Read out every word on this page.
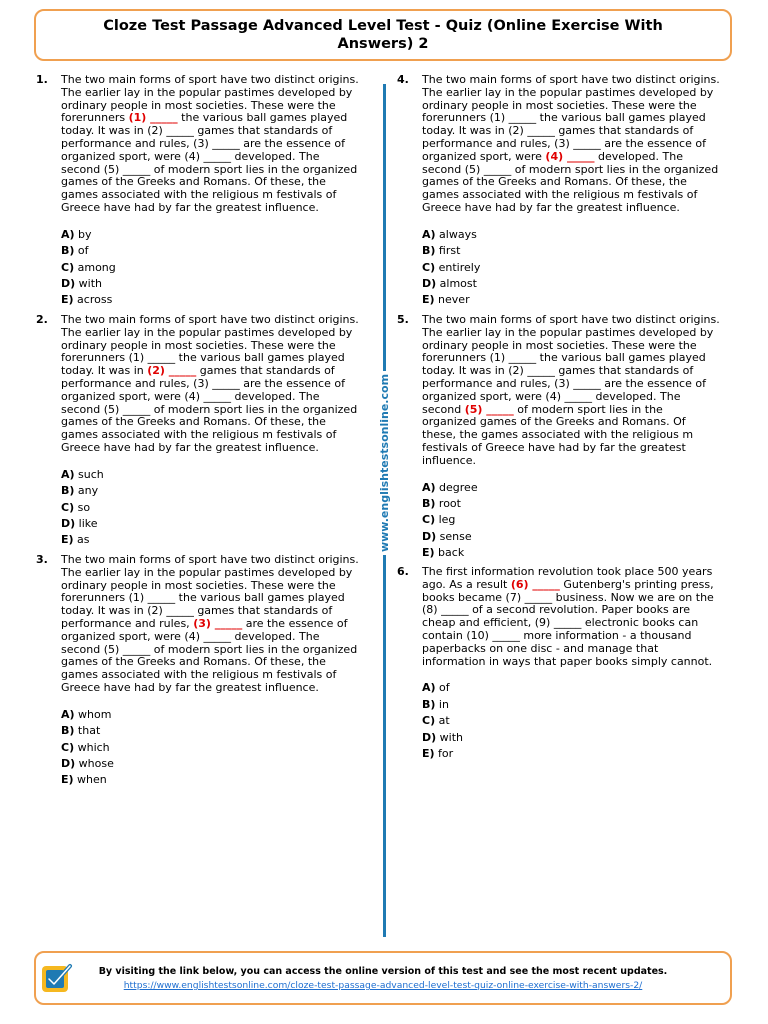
Cloze Test Passage Advanced Level Test - Quiz (Online Exercise With Answers) 2
1. The two main forms of sport have two distinct origins.
The earlier lay in the popular pastimes developed by
ordinary people in most societies. These were the
forerunners (1) _____ the various ball games played
today. It was in (2) _____ games that standards of
performance and rules, (3) _____ are the essence of
organized sport, were (4) _____ developed. The
second (5) _____ of modern sport lies in the organized
games of the Greeks and Romans. Of these, the
games associated with the religious m festivals of
Greece have had by far the greatest influence.

A) by
B) of
C) among
D) with
E) across
2. The two main forms of sport have two distinct origins.
The earlier lay in the popular pastimes developed by
ordinary people in most societies. These were the
forerunners (1) _____ the various ball games played
today. It was in (2) _____ games that standards of
performance and rules, (3) _____ are the essence of
organized sport, were (4) _____ developed. The
second (5) _____ of modern sport lies in the organized
games of the Greeks and Romans. Of these, the
games associated with the religious m festivals of
Greece have had by far the greatest influence.

A) such
B) any
C) so
D) like
E) as
3. The two main forms of sport have two distinct origins.
The earlier lay in the popular pastimes developed by
ordinary people in most societies. These were the
forerunners (1) _____ the various ball games played
today. It was in (2) _____ games that standards of
performance and rules, (3) _____ are the essence of
organized sport, were (4) _____ developed. The
second (5) _____ of modern sport lies in the organized
games of the Greeks and Romans. Of these, the
games associated with the religious m festivals of
Greece have had by far the greatest influence.

A) whom
B) that
C) which
D) whose
E) when
www.englishtestsonline.com
4. The two main forms of sport have two distinct origins.
The earlier lay in the popular pastimes developed by
ordinary people in most societies. These were the
forerunners (1) _____ the various ball games played
today. It was in (2) _____ games that standards of
performance and rules, (3) _____ are the essence of
organized sport, were (4) _____ developed. The
second (5) _____ of modern sport lies in the organized
games of the Greeks and Romans. Of these, the
games associated with the religious m festivals of
Greece have had by far the greatest influence.

A) always
B) first
C) entirely
D) almost
E) never
5. The two main forms of sport have two distinct origins.
The earlier lay in the popular pastimes developed by
ordinary people in most societies. These were the
forerunners (1) _____ the various ball games played
today. It was in (2) _____ games that standards of
performance and rules, (3) _____ are the essence of
organized sport, were (4) _____ developed. The
second (5) _____ of modern sport lies in the
organized games of the Greeks and Romans. Of
these, the games associated with the religious m
festivals of Greece have had by far the greatest
influence.

A) degree
B) root
C) leg
D) sense
E) back
6. The first information revolution took place 500 years
ago. As a result (6) _____ Gutenberg's printing press,
books became (7) _____ business. Now we are on the
(8) _____ of a second revolution. Paper books are
cheap and efficient, (9) _____ electronic books can
contain (10) _____ more information - a thousand
paperbacks on one disc - and manage that
information in ways that paper books simply cannot.

A) of
B) in
C) at
D) with
E) for
By visiting the link below, you can access the online version of this test and see the most recent updates.
https://www.englishtestsonline.com/cloze-test-passage-advanced-level-test-quiz-online-exercise-with-answers-2/
